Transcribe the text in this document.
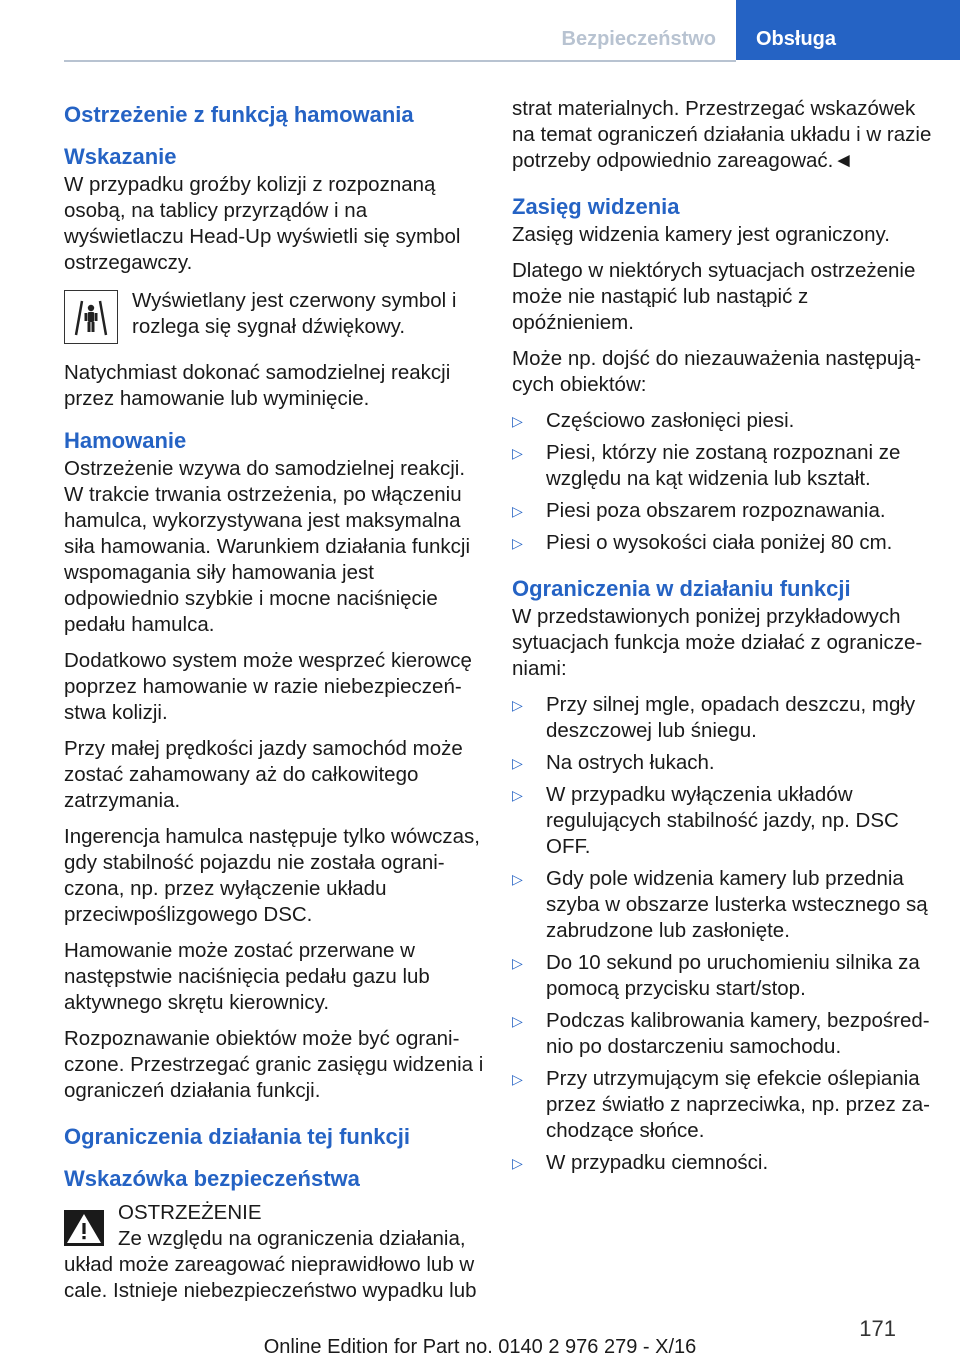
Bezpieczeństwo	Obsługa
Ostrzeżenie z funkcją hamowania
Wskazanie

W przypadku groźby kolizji z rozpoznaną osobą, na tablicy przyrządów i na wyświetlaczu Head-Up wyświetli się symbol ostrzegawczy.

Wyświetlany jest czerwony symbol i rozlega się sygnał dźwiękowy.

Natychmiast dokonać samodzielnej reakcji przez hamowanie lub wyminięcie.

Hamowanie

Ostrzeżenie wzywa do samodzielnej reakcji. W trakcie trwania ostrzeżenia, po włączeniu hamulca, wykorzystywana jest maksymalna siła hamowania. Warunkiem działania funkcji wspomagania siły hamowania jest odpowiednio szybkie i mocne naciśnięcie pedału hamulca.

Dodatkowo system może wesprzeć kierowcę poprzez hamowanie w razie niebezpieczeństwa kolizji.

Przy małej prędkości jazdy samochód może zostać zahamowany aż do całkowitego zatrzymania.

Ingerencja hamulca następuje tylko wówczas, gdy stabilność pojazdu nie została ograniczona, np. przez wyłączenie układu przeciwpoślizgowego DSC.

Hamowanie może zostać przerwane w następstwie naciśnięcia pedału gazu lub aktywnego skrętu kierownicy.

Rozpoznawanie obiektów może być ograniczone. Przestrzegać granic zasięgu widzenia i ograniczeń działania funkcji.

Ograniczenia działania tej funkcji
Wskazówka bezpieczeństwa
OSTRZEŻENIE
Ze względu na ograniczenia działania,
układ może zareagować nieprawidłowo lub w cale. Istnieje niebezpieczeństwo wypadku lub

strat materialnych. Przestrzegać wskazówek na temat ograniczeń działania układu i w razie potrzeby odpowiednio zareagować.◄

Zasięg widzenia

Zasięg widzenia kamery jest ograniczony.

Dlatego w niektórych sytuacjach ostrzeżenie może nie nastąpić lub nastąpić z opóźnieniem.

Może np. dojść do niezauważenia następujących obiektów:

▷	Częściowo zasłonięci piesi.
▷	Piesi, którzy nie zostaną rozpoznani ze względu na kąt widzenia lub kształt.
▷	Piesi poza obszarem rozpoznawania.
▷	Piesi o wysokości ciała poniżej 80 cm.
Ograniczenia w działaniu funkcji

W przedstawionych poniżej przykładowych sytuacjach funkcja może działać z ograniczeniami:

▷	Przy silnej mgle, opadach deszczu, mgły deszczowej lub śniegu.
▷	Na ostrych łukach.
▷	W przypadku wyłączenia układów regulujących stabilność jazdy, np. DSC OFF.
▷	Gdy pole widzenia kamery lub przednia szyba w obszarze lusterka wstecznego są zabrudzone lub zasłonięte.
▷	Do 10 sekund po uruchomieniu silnika za pomocą przycisku start/stop.
▷	Podczas kalibrowania kamery, bezpośrednio po dostarczeniu samochodu.
▷	Przy utrzymującym się efekcie oślepiania przez światło z naprzeciwka, np. przez zachodzące słońce.
▷	W przypadku ciemności.
171
Online Edition for Part no. 0140 2 976 279 - X/16
